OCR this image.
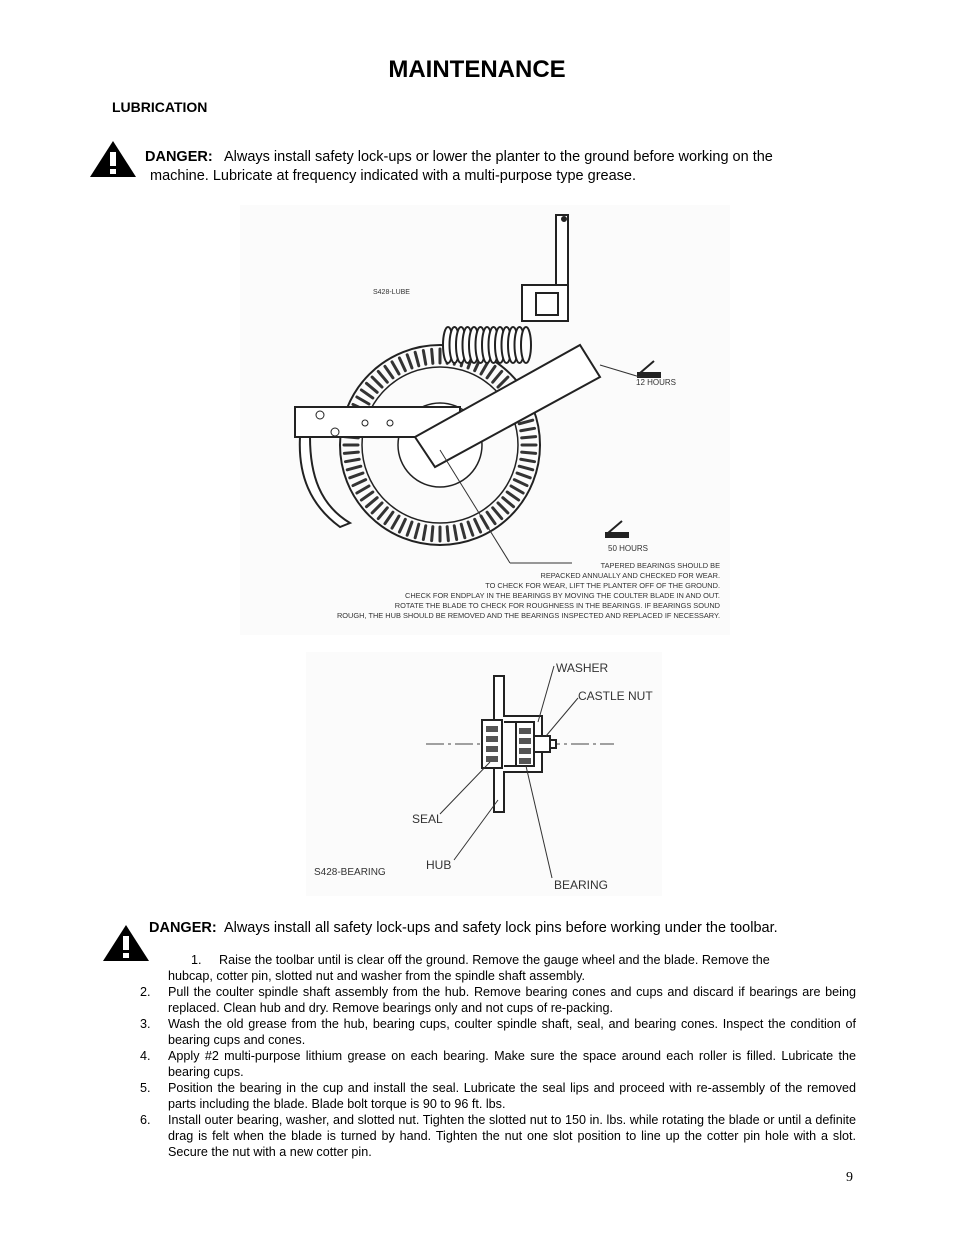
MAINTENANCE
LUBRICATION

DANGER: Always install safety lock-ups or lower the planter to the ground before working on the
machine. Lubricate at frequency indicated with a multi-purpose type grease.

S428-LUBE
12 HOURS
50 HOURS
TAPERED BEARINGS SHOULD BE
REPACKED ANNUALLY AND CHECKED FOR WEAR.
TO CHECK FOR WEAR, LIFT THE PLANTER OFF OF THE GROUND.
CHECK FOR ENDPLAY IN THE BEARINGS BY MOVING THE COULTER BLADE IN AND OUT.
ROTATE THE BLADE TO CHECK FOR ROUGHNESS IN THE BEARINGS. IF BEARINGS SOUND
ROUGH, THE HUB SHOULD BE REMOVED AND THE BEARINGS INSPECTED AND REPLACED IF NECESSARY.
WASHER
CASTLE NUT
SEAL
HUB
BEARING
S428-BEARING

DANGER: Always install all safety lock-ups and safety lock pins before working under the toolbar.

1.	Raise the toolbar until is clear off the ground. Remove the gauge wheel and the blade. Remove the
hubcap, cotter pin, slotted nut and washer from the spindle shaft assembly.
2. Pull the coulter spindle shaft assembly from the hub. Remove bearing cones and cups and discard if bearings are being replaced. Clean hub and dry. Remove bearings only and not cups of re-packing.
3. Wash the old grease from the hub, bearing cups, coulter spindle shaft, seal, and bearing cones. Inspect the condition of bearing cups and cones.
4. Apply #2 multi-purpose lithium grease on each bearing. Make sure the space around each roller is filled. Lubricate the bearing cups.
5. Position the bearing in the cup and install the seal. Lubricate the seal lips and proceed with re-assembly of the removed parts including the blade. Blade bolt torque is 90 to 96 ft. lbs.
6. Install outer bearing, washer, and slotted nut. Tighten the slotted nut to 150 in. lbs. while rotating the blade or until a definite drag is felt when the blade is turned by hand. Tighten the nut one slot position to line up the cotter pin hole with a slot. Secure the nut with a new cotter pin.
9
